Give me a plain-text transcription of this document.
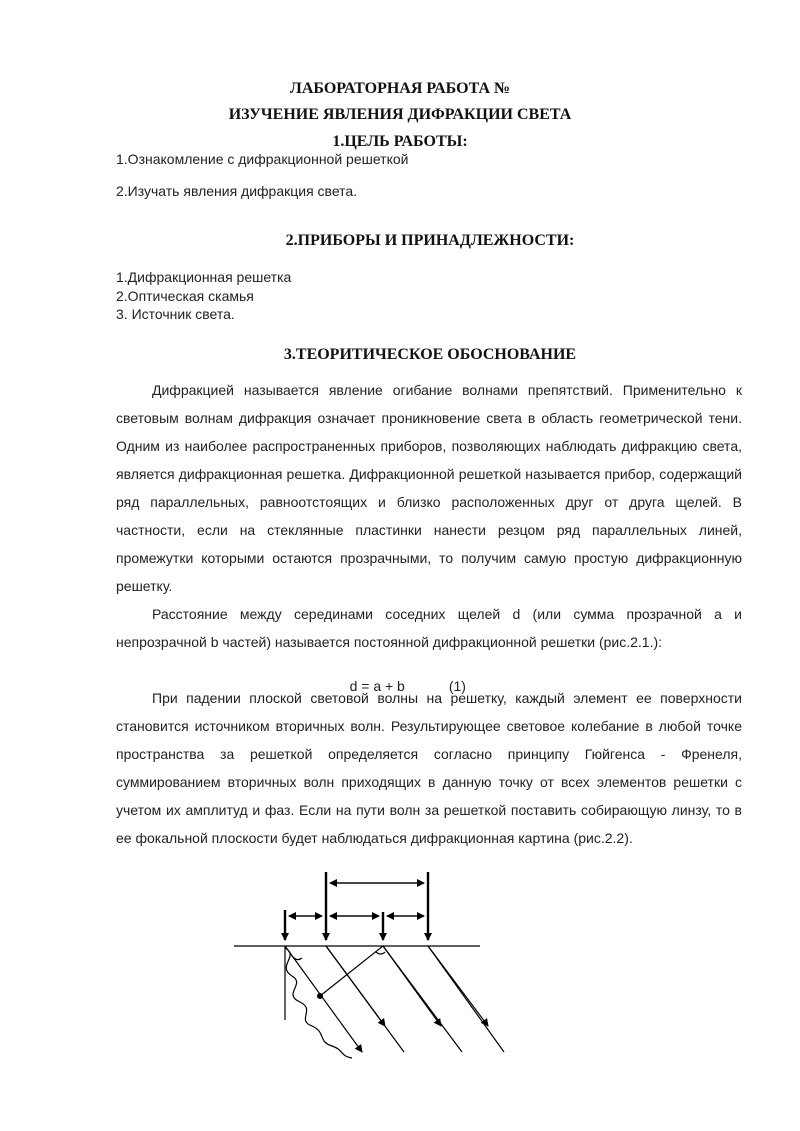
ЛАБОРАТОРНАЯ РАБОТА №
ИЗУЧЕНИЕ ЯВЛЕНИЯ ДИФРАКЦИИ СВЕТА
1.ЦЕЛЬ РАБОТЫ:
1.Ознакомление с дифракционной решеткой
2.Изучать явления дифракция света.
2.ПРИБОРЫ И ПРИНАДЛЕЖНОСТИ:
1.Дифракционная решетка
2.Оптическая скамья
3. Источник света.
3.ТЕОРИТИЧЕСКОЕ ОБОСНОВАНИЕ

Дифракцией называется явление огибание волнами препятствий. Применительно к световым волнам дифракция означает проникновение света в область геометрической тени. Одним из наиболее распространенных приборов, позволяющих наблюдать дифракцию света, является дифракционная решетка. Дифракционной решеткой называется прибор, содержащий ряд параллельных, равноотстоящих и близко расположенных друг от друга щелей. В частности, если на стеклянные пластинки нанести резцом ряд параллельных линей, промежутки которыми остаются прозрачными, то получим самую простую дифракционную решетку.

Расстояние между серединами соседних щелей d (или сумма прозрачной а и непрозрачной b частей) называется постоянной дифракционной решетки (рис.2.1.):

d = a + b	(1)

При падении плоской световой волны на решетку, каждый элемент ее поверхности становится источником вторичных волн. Результирующее световое колебание в любой точке пространства за решеткой определяется согласно принципу Гюйгенса - Френеля, суммированием вторичных волн приходящих в данную точку от всех элементов решетки с учетом их амплитуд и фаз. Если на пути волн за решеткой поставить собирающую линзу, то в ее фокальной плоскости будет наблюдаться дифракционная картина (рис.2.2).
